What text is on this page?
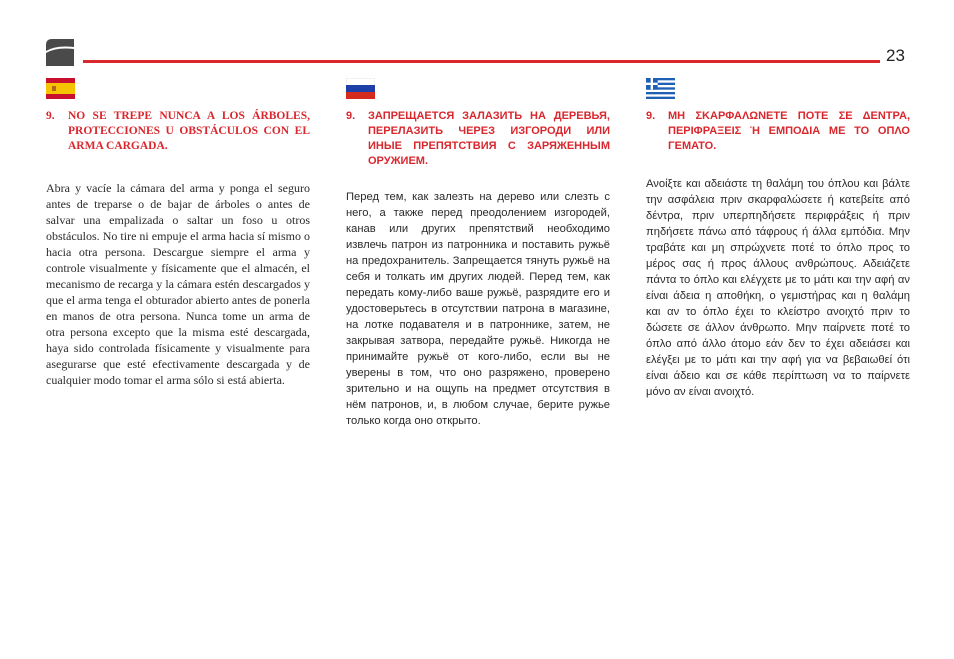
23
9.	NO SE TREPE NUNCA A LOS ÁRBOLES, PROTECCIONES U OBSTÁCULOS CON EL ARMA CARGADA.

Abra y vacíe la cámara del arma y ponga el seguro antes de treparse o de bajar de árboles o antes de salvar una empalizada o saltar un foso u otros obstáculos. No tire ni empuje el arma hacia sí mismo o hacia otra persona. Descargue siempre el arma y controle visualmente y físicamente que el almacén, el mecanismo de recarga y la cámara estén descargados y que el arma tenga el obturador abierto antes de ponerla en manos de otra persona. Nunca tome un arma de otra persona excepto que la misma esté descargada, haya sido controlada físicamente y visualmente para asegurarse que esté efectivamente descargada y de cualquier modo tomar el arma sólo si está abierta.

9.	ЗАПРЕЩАЕТСЯ ЗАЛАЗИТЬ НА ДЕРЕВЬЯ, ПЕРЕЛАЗИТЬ ЧЕРЕЗ ИЗГОРОДИ ИЛИ ИНЫЕ ПРЕПЯТСТВИЯ С ЗАРЯЖЕННЫМ ОРУЖИЕМ.

Перед тем, как залезть на дерево или слезть с него, а также перед преодолением изгородей, канав или других препятствий необходимо извлечь патрон из патронника и поставить ружьё на предохранитель. Запрещается тянуть ружьё на себя и толкать им других людей. Перед тем, как передать кому-либо ваше ружьё, разрядите его и удостоверьтесь в отсутствии патрона в магазине, на лотке подавателя и в патроннике, затем, не закрывая затвора, передайте ружьё. Никогда не принимайте ружьё от кого-либо, если вы не уверены в том, что оно разряжено, проверено зрительно и на ощупь на предмет отсутствия в нём патронов, и, в любом случае, берите ружье только когда оно открыто.

9.	ΜΗ ΣΚΑΡΦΑΛΩΝΕΤΕ ΠΟΤΕ ΣΕ ΔΕΝΤΡΑ, ΠΕΡΙΦΡΑΞΕΙΣ Ή ΕΜΠΟΔΙΑ ΜΕ ΤΟ ΟΠΛΟ ΓΕΜΑΤΟ.

Ανοίξτε και αδειάστε τη θαλάμη του όπλου και βάλτε την ασφάλεια πριν σκαρφαλώσετε ή κατεβείτε από δέντρα, πριν υπερπηδήσετε περιφράξεις ή πριν πηδήσετε πάνω από τάφρους ή άλλα εμπόδια. Μην τραβάτε και μη σπρώχνετε ποτέ το όπλο προς το μέρος σας ή προς άλλους ανθρώπους. Αδειάζετε πάντα το όπλο και ελέγχετε με το μάτι και την αφή αν είναι άδεια η αποθήκη, ο γεμιστήρας και η θαλάμη και αν το όπλο έχει το κλείστρο ανοιχτό πριν το δώσετε σε άλλον άνθρωπο. Μην παίρνετε ποτέ το όπλο από άλλο άτομο εάν δεν το έχει αδειάσει και ελέγξει με το μάτι και την αφή για να βεβαιωθεί ότι είναι άδειο και σε κάθε περίπτωση να το παίρνετε μόνο αν είναι ανοιχτό.
